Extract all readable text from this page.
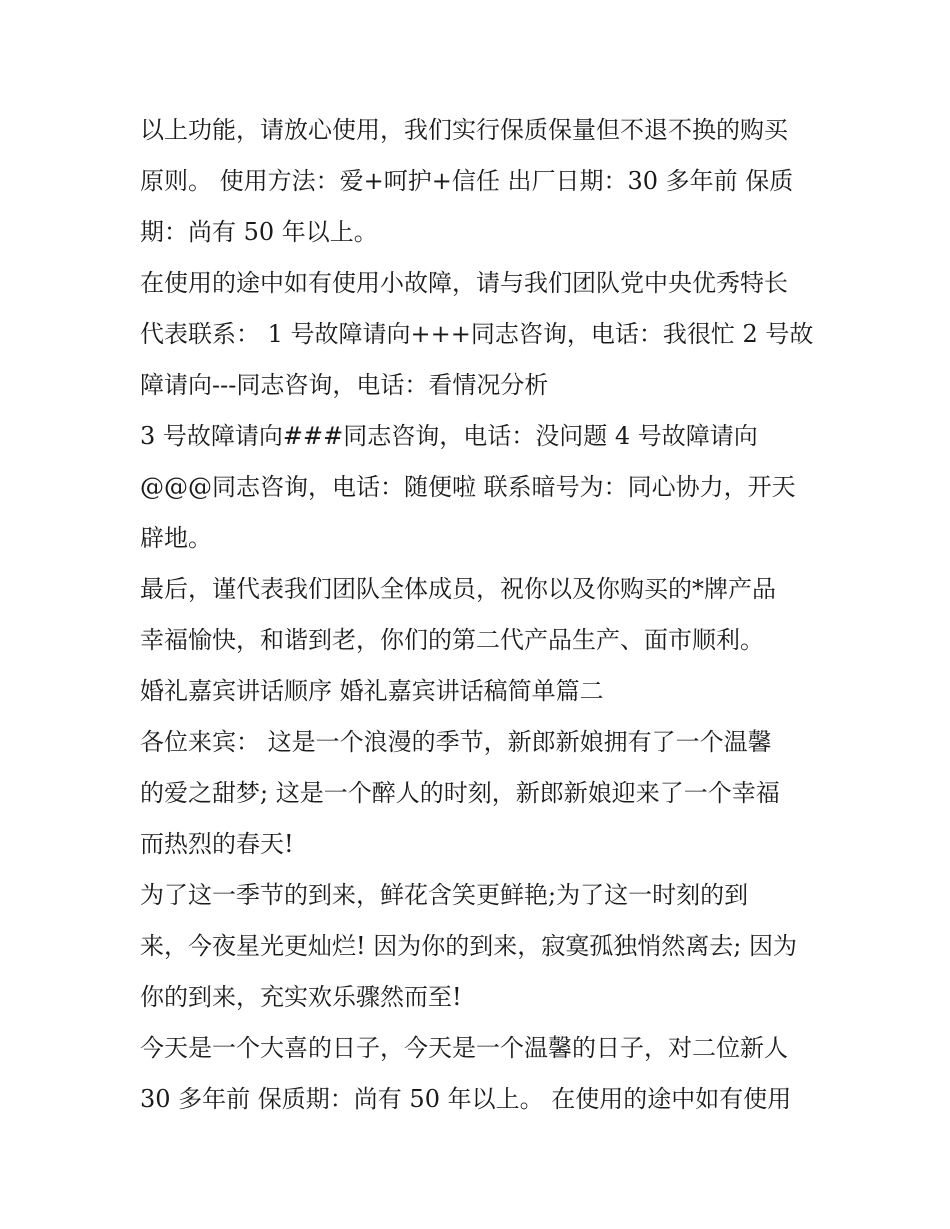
以上功能，请放心使用，我们实行保质保量但不退不换的购买
原则。 使用方法：爱+呵护+信任 出厂日期：30 多年前 保质
期：尚有 50 年以上。
在使用的途中如有使用小故障，请与我们团队党中央优秀特长
代表联系： 1 号故障请向+++同志咨询，电话：我很忙 2 号故
障请向---同志咨询，电话：看情况分析
3 号故障请向###同志咨询，电话：没问题 4 号故障请向
@@@同志咨询，电话：随便啦 联系暗号为：同心协力，开天
辟地。
最后，谨代表我们团队全体成员，祝你以及你购买的*牌产品
幸福愉快，和谐到老，你们的第二代产品生产、面市顺利。
婚礼嘉宾讲话顺序 婚礼嘉宾讲话稿简单篇二
各位来宾： 这是一个浪漫的季节，新郎新娘拥有了一个温馨
的爱之甜梦; 这是一个醉人的时刻，新郎新娘迎来了一个幸福
而热烈的春天!
为了这一季节的到来，鲜花含笑更鲜艳;为了这一时刻的到
来，今夜星光更灿烂! 因为你的到来，寂寞孤独悄然离去; 因为
你的到来，充实欢乐骤然而至!
今天是一个大喜的日子，今天是一个温馨的日子，对二位新人
30 多年前 保质期：尚有 50 年以上。 在使用的途中如有使用
